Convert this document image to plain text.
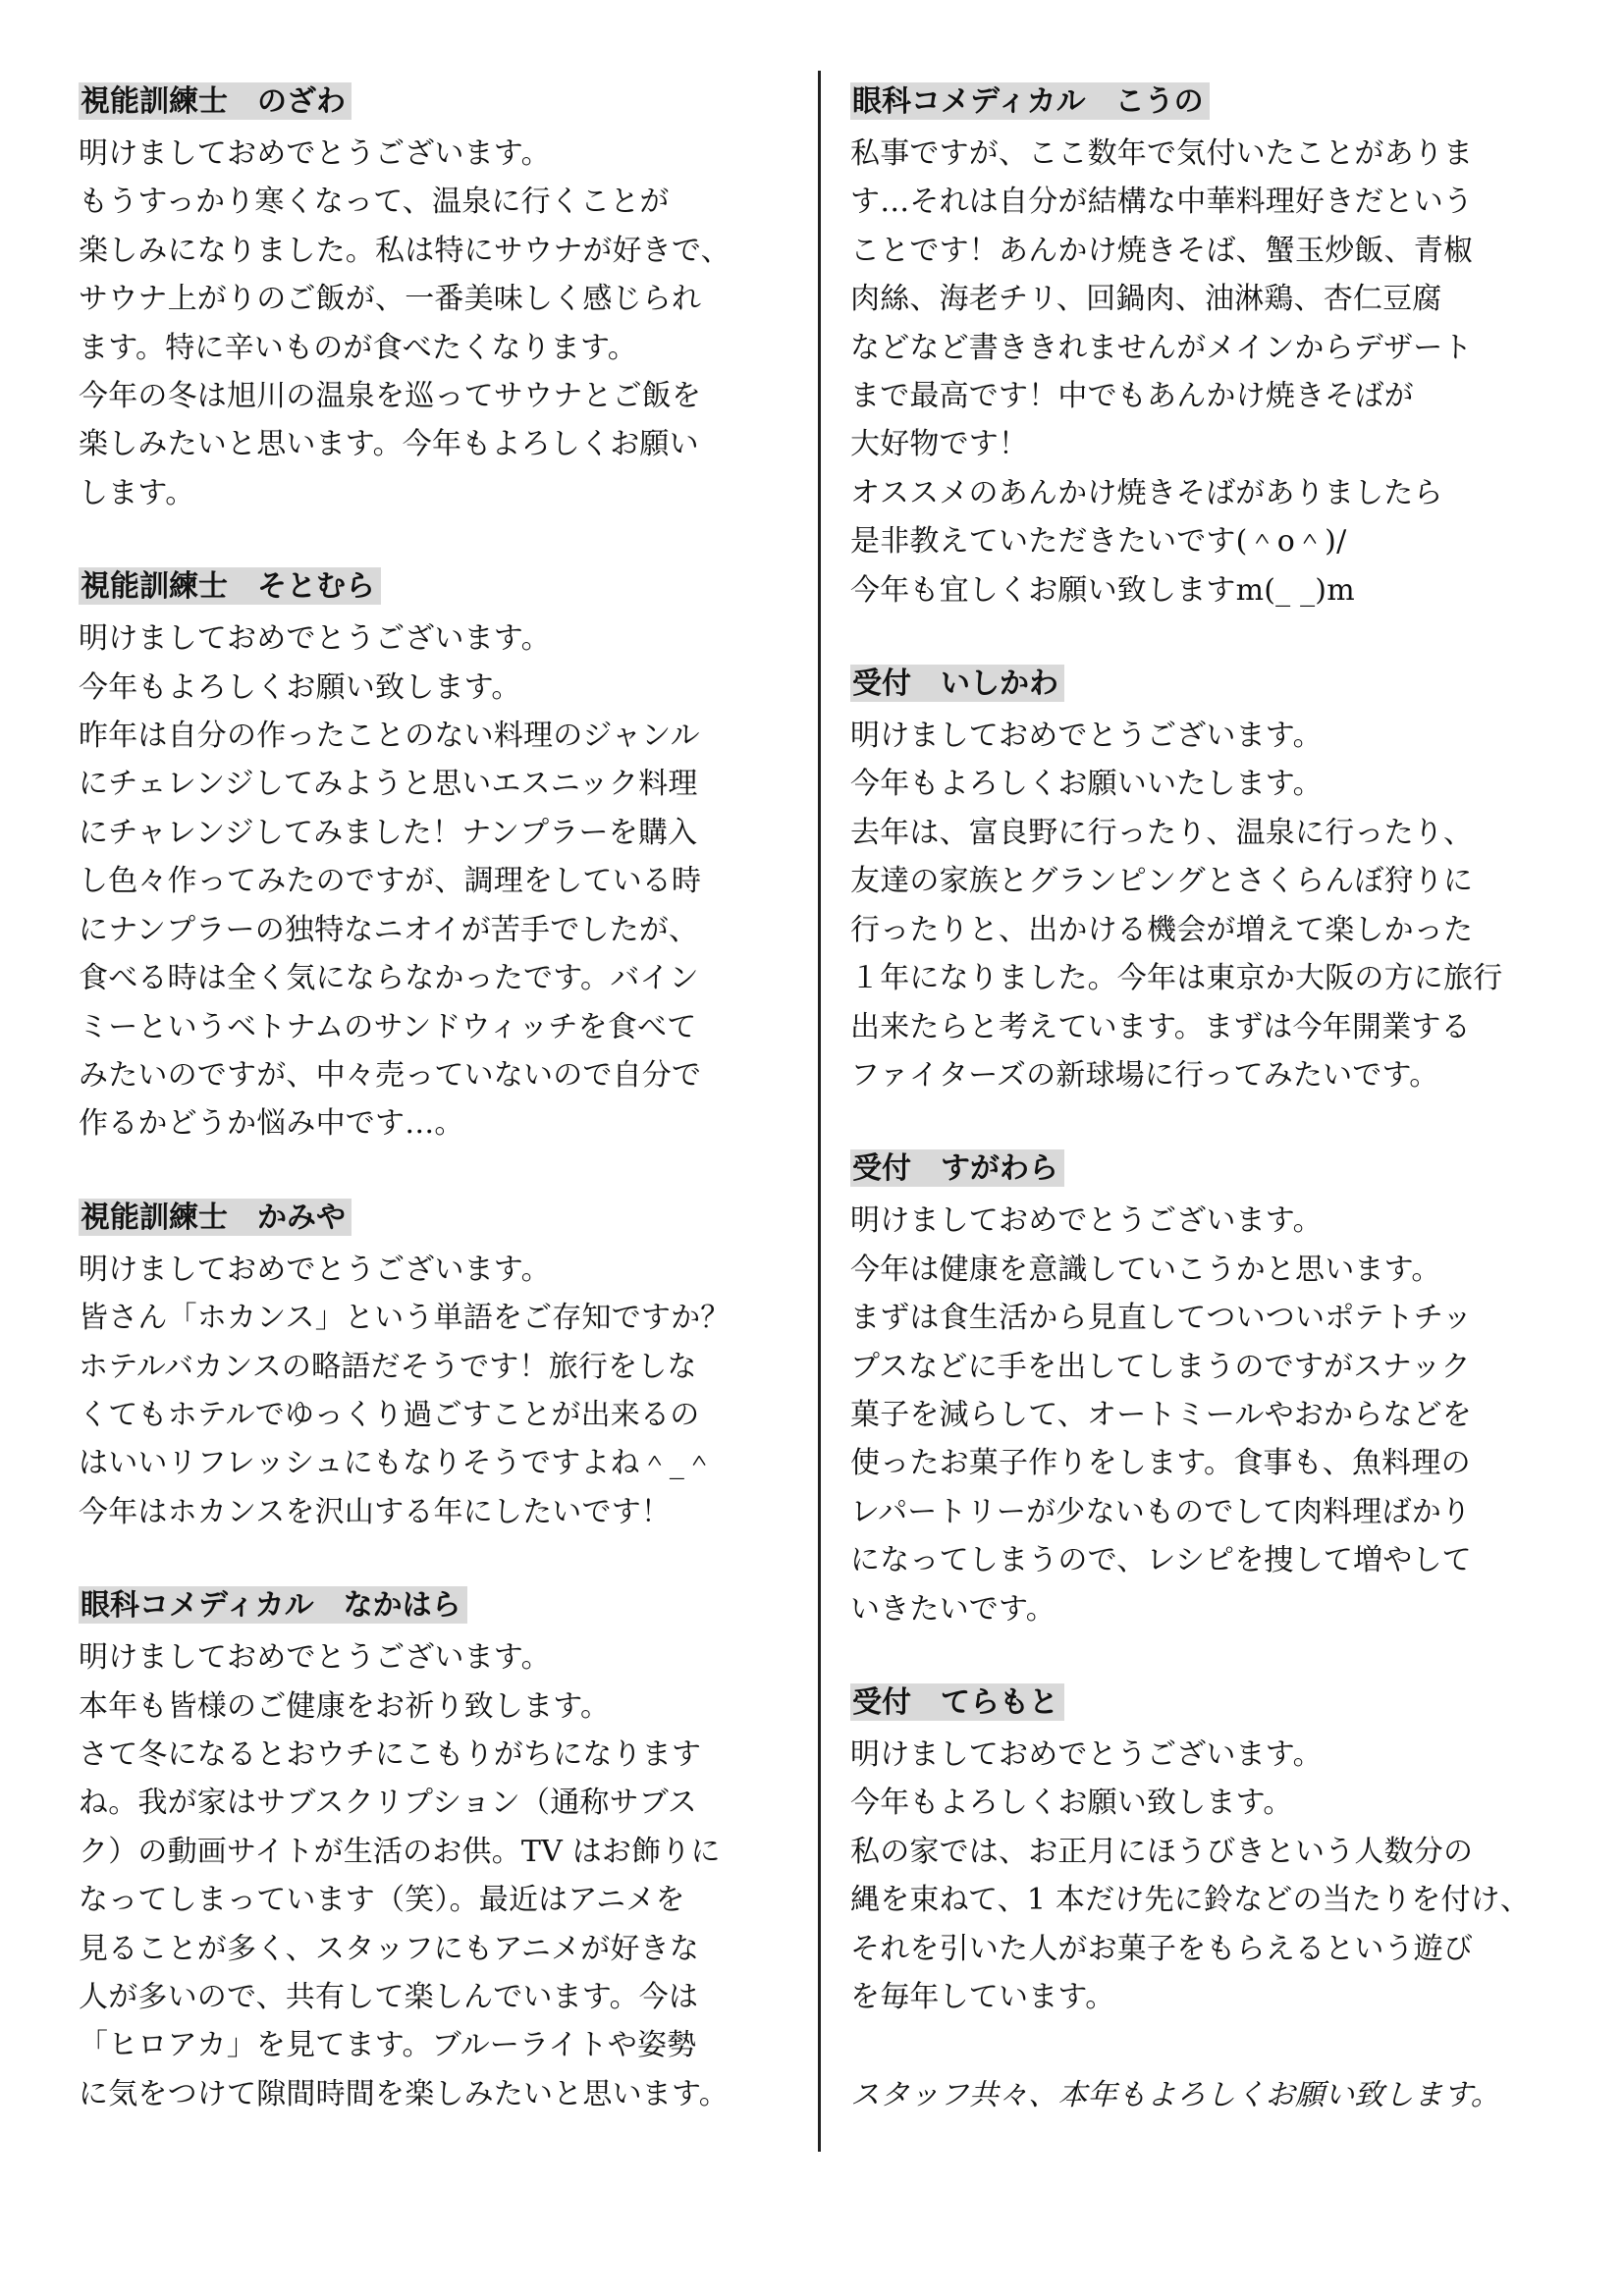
視能訓練士　のざわ
明けましておめでとうございます。
もうすっかり寒くなって、温泉に行くことが
楽しみになりました。私は特にサウナが好きで、
サウナ上がりのご飯が、一番美味しく感じられ
ます。特に辛いものが食べたくなります。
今年の冬は旭川の温泉を巡ってサウナとご飯を
楽しみたいと思います。今年もよろしくお願い
します。
視能訓練士　そとむら
明けましておめでとうございます。
今年もよろしくお願い致します。
昨年は自分の作ったことのない料理のジャンル
にチェレンジしてみようと思いエスニック料理
にチャレンジしてみました！ナンプラーを購入
し色々作ってみたのですが、調理をしている時
にナンプラーの独特なニオイが苦手でしたが、
食べる時は全く気にならなかったです。バイン
ミーというベトナムのサンドウィッチを食べて
みたいのですが、中々売っていないので自分で
作るかどうか悩み中です…。
視能訓練士　かみや
明けましておめでとうございます。
皆さん「ホカンス」という単語をご存知ですか？
ホテルバカンスの略語だそうです！旅行をしな
くてもホテルでゆっくり過ごすことが出来るの
はいいリフレッシュにもなりそうですよね＾_＾
今年はホカンスを沢山する年にしたいです！
眼科コメディカル　なかはら
明けましておめでとうございます。
本年も皆様のご健康をお祈り致します。
さて冬になるとおウチにこもりがちになります
ね。我が家はサブスクリプション（通称サブス
ク）の動画サイトが生活のお供。TV はお飾りに
なってしまっています（笑）。最近はアニメを
見ることが多く、スタッフにもアニメが好きな
人が多いので、共有して楽しんでいます。今は
「ヒロアカ」を見てます。ブルーライトや姿勢
に気をつけて隙間時間を楽しみたいと思います。
眼科コメディカル　こうの
私事ですが、ここ数年で気付いたことがありま
す…それは自分が結構な中華料理好きだという
ことです！あんかけ焼きそば、蟹玉炒飯、青椒
肉絲、海老チリ、回鍋肉、油淋鶏、杏仁豆腐
などなど書ききれませんがメインからデザート
まで最高です！中でもあんかけ焼きそばが
大好物です！
オススメのあんかけ焼きそばがありましたら
是非教えていただきたいです(＾o＾)/
今年も宜しくお願い致しますm(_ _)m
受付　いしかわ
明けましておめでとうございます。
今年もよろしくお願いいたします。
去年は、富良野に行ったり、温泉に行ったり、
友達の家族とグランピングとさくらんぼ狩りに
行ったりと、出かける機会が増えて楽しかった
１年になりました。今年は東京か大阪の方に旅行
出来たらと考えています。まずは今年開業する
ファイターズの新球場に行ってみたいです。
受付　すがわら
明けましておめでとうございます。
今年は健康を意識していこうかと思います。
まずは食生活から見直してついついポテトチッ
プスなどに手を出してしまうのですがスナック
菓子を減らして、オートミールやおからなどを
使ったお菓子作りをします。食事も、魚料理の
レパートリーが少ないものでして肉料理ばかり
になってしまうので、レシピを捜して増やして
いきたいです。
受付　てらもと
明けましておめでとうございます。
今年もよろしくお願い致します。
私の家では、お正月にほうびきという人数分の
縄を束ねて、1 本だけ先に鈴などの当たりを付け、
それを引いた人がお菓子をもらえるという遊び
を毎年しています。
スタッフ共々、本年もよろしくお願い致します。
